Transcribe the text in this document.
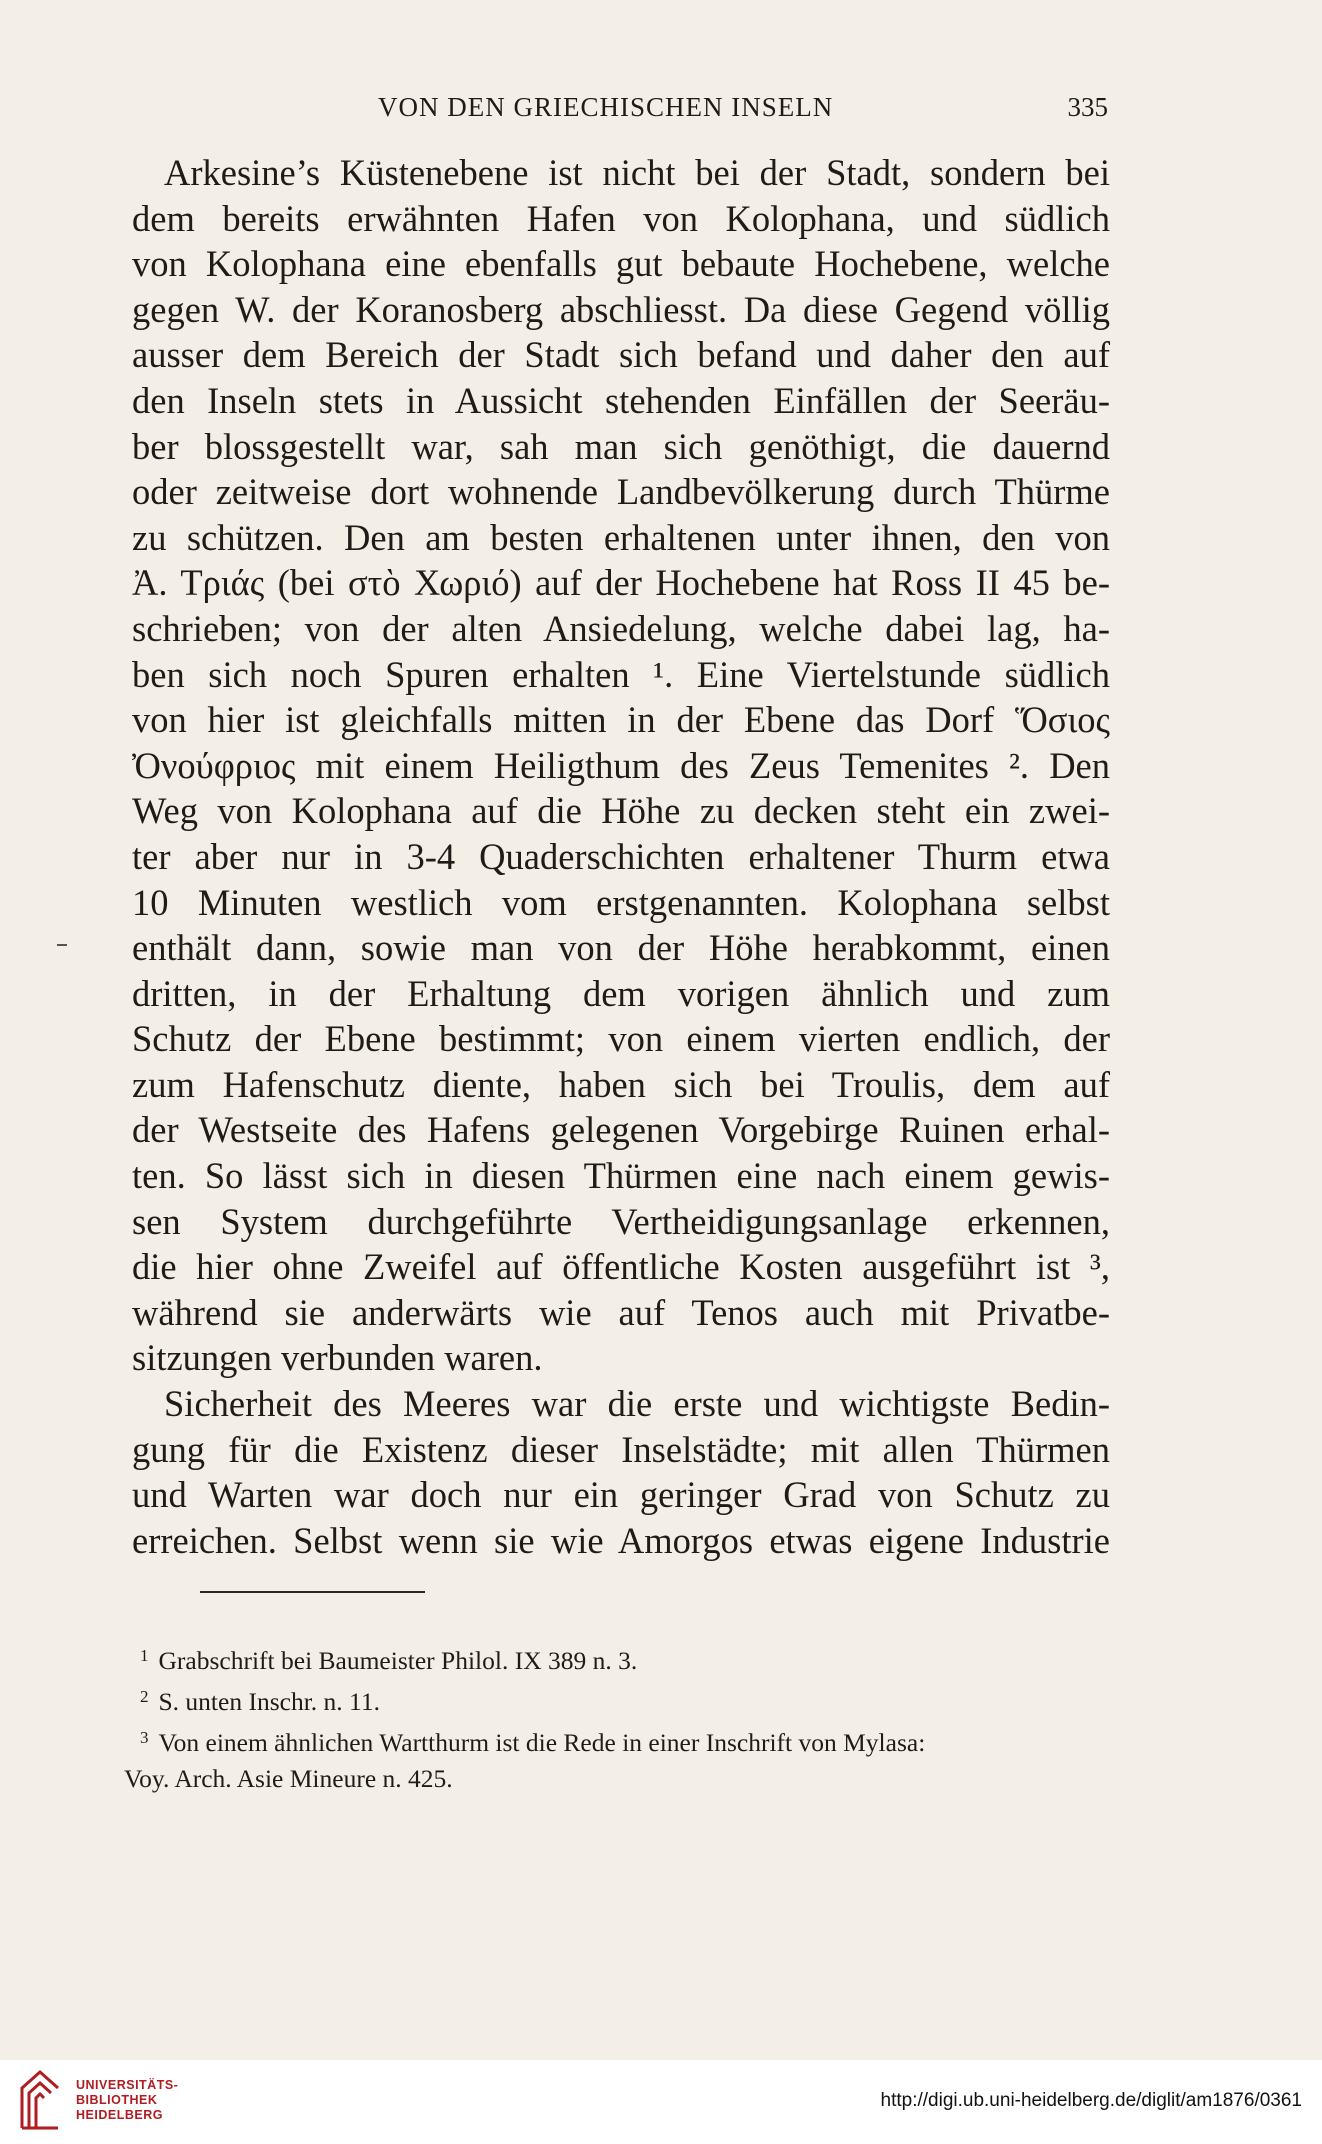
VON DEN GRIECHISCHEN INSELN	335
Arkesine’s Küstenebene ist nicht bei der Stadt, sondern bei
dem bereits erwähnten Hafen von Kolophana, und südlich
von Kolophana eine ebenfalls gut bebaute Hochebene, welche
gegen W. der Koranosberg abschliesst. Da diese Gegend völlig
ausser dem Bereich der Stadt sich befand und daher den auf
den Inseln stets in Aussicht stehenden Einfällen der Seeräu-
ber blossgestellt war, sah man sich genöthigt, die dauernd
oder zeitweise dort wohnende Landbevölkerung durch Thürme
zu schützen. Den am besten erhaltenen unter ihnen, den von
Ἀ. Τριάς (bei στὸ Χωριό) auf der Hochebene hat Ross II 45 be-
schrieben; von der alten Ansiedelung, welche dabei lag, ha-
ben sich noch Spuren erhalten ¹. Eine Viertelstunde südlich
von hier ist gleichfalls mitten in der Ebene das Dorf Ὅσιος
Ὀνούφριος mit einem Heiligthum des Zeus Temenites ². Den
Weg von Kolophana auf die Höhe zu decken steht ein zwei-
ter aber nur in 3-4 Quaderschichten erhaltener Thurm etwa
10 Minuten westlich vom erstgenannten. Kolophana selbst
enthält dann, sowie man von der Höhe herabkommt, einen
dritten, in der Erhaltung dem vorigen ähnlich und zum
Schutz der Ebene bestimmt; von einem vierten endlich, der
zum Hafenschutz diente, haben sich bei Troulis, dem auf
der Westseite des Hafens gelegenen Vorgebirge Ruinen erhal-
ten. So lässt sich in diesen Thürmen eine nach einem gewis-
sen System durchgeführte Vertheidigungsanlage erkennen,
die hier ohne Zweifel auf öffentliche Kosten ausgeführt ist ³,
während sie anderwärts wie auf Tenos auch mit Privatbe-
sitzungen verbunden waren.
Sicherheit des Meeres war die erste und wichtigste Bedin-
gung für die Existenz dieser Inselstädte; mit allen Thürmen
und Warten war doch nur ein geringer Grad von Schutz zu
erreichen. Selbst wenn sie wie Amorgos etwas eigene Industrie
$^1$ Grabschrift bei Baumeister Philol. IX 389 n. 3.
$^2$ S. unten Inschr. n. 11.
$^3$ Von einem ähnlichen Wartthurm ist die Rede in einer Inschrift von Mylasa:
Voy. Arch. Asie Mineure n. 425.
UNIVERSITÄTS-
BIBLIOTHEK
HEIDELBERG
http://digi.ub.uni-heidelberg.de/diglit/am1876/0361
